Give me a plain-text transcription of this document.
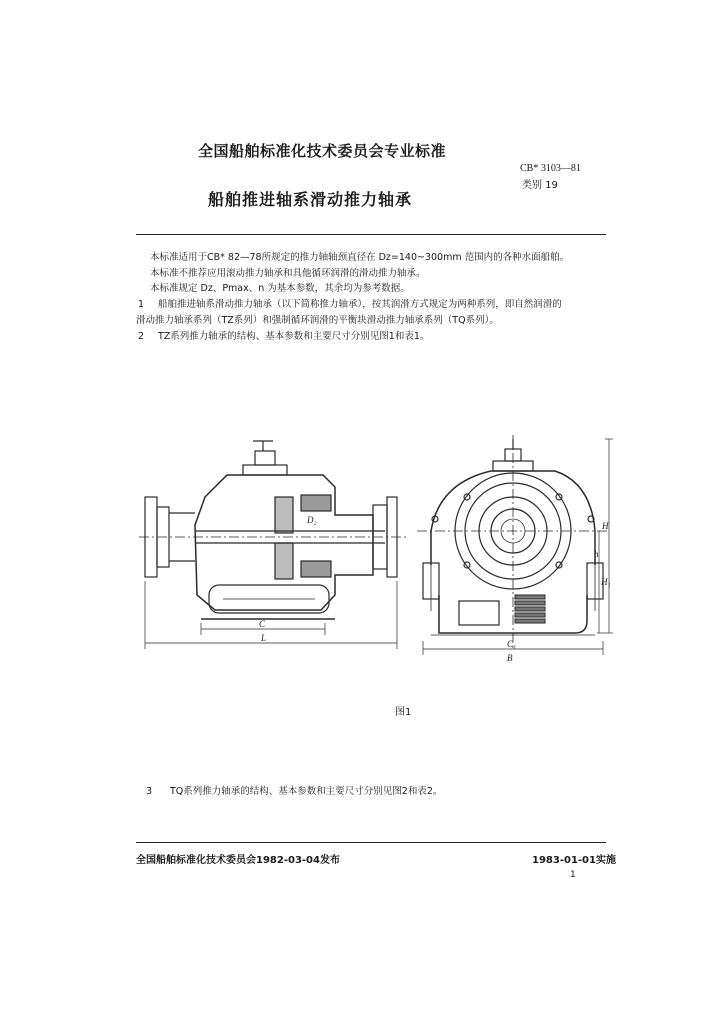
全国船舶标准化技术委员会专业标准
CB* 3103—81
类别 19
船舶推进轴系滑动推力轴承
本标准适用于CB* 82—78所规定的推力轴轴颈直径在 Dz=140~300mm 范围内的各种水面船舶。
本标准不推荐应用滚动推力轴承和具他循环润滑的滑动推力轴承。
本标准规定 Dz、Pmax、n 为基本参数，其余均为参考数据。
1 船舶推进轴系滑动推力轴承（以下简称推力轴承），按其润滑方式规定为两种系列，即自然润滑的
滑动推力轴承系列（TZ系列）和强制循环润滑的平衡块滑动推力轴承系列（TQ系列）。
2 TZ系列推力轴承的结构、基本参数和主要尺寸分别见图1和表1。
D₂
C
L
C₁
B
H
H₁
h
图1
3 TQ系列推力轴承的结构、基本参数和主要尺寸分别见图2和表2。
全国船舶标准化技术委员会1982-03-04发布	1983-01-01实施
1
